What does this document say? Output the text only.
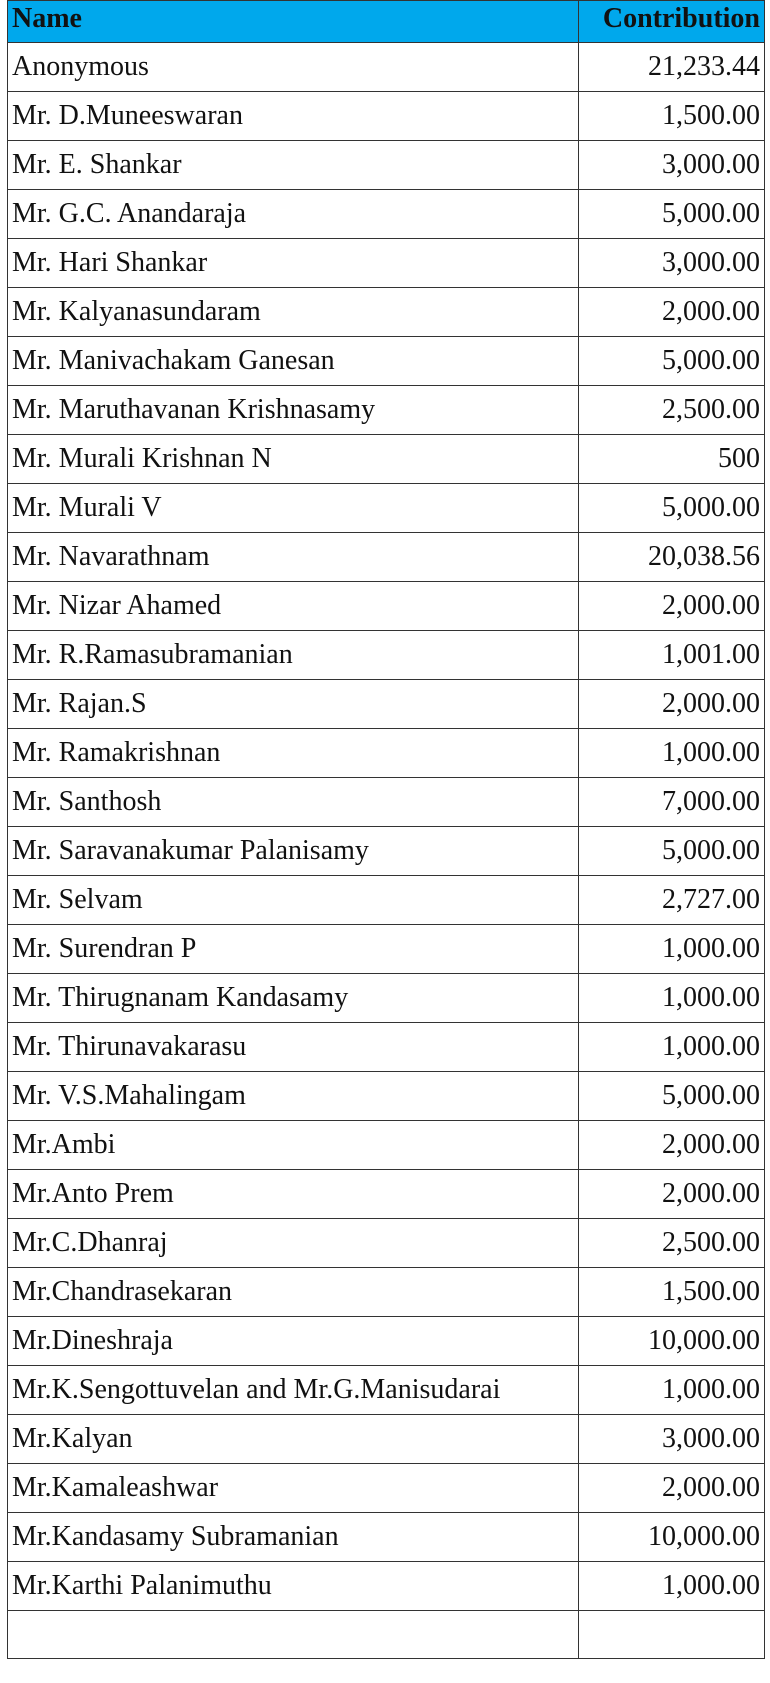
Name	Contribution
Anonymous	21,233.44
Mr. D.Muneeswaran	1,500.00
Mr. E. Shankar	3,000.00
Mr. G.C. Anandaraja	5,000.00
Mr. Hari Shankar	3,000.00
Mr. Kalyanasundaram	2,000.00
Mr. Manivachakam Ganesan	5,000.00
Mr. Maruthavanan Krishnasamy	2,500.00
Mr. Murali Krishnan N	500
Mr. Murali V	5,000.00
Mr. Navarathnam	20,038.56
Mr. Nizar Ahamed	2,000.00
Mr. R.Ramasubramanian	1,001.00
Mr. Rajan.S	2,000.00
Mr. Ramakrishnan	1,000.00
Mr. Santhosh	7,000.00
Mr. Saravanakumar Palanisamy	5,000.00
Mr. Selvam	2,727.00
Mr. Surendran P	1,000.00
Mr. Thirugnanam Kandasamy	1,000.00
Mr. Thirunavakarasu	1,000.00
Mr. V.S.Mahalingam	5,000.00
Mr.Ambi	2,000.00
Mr.Anto Prem	2,000.00
Mr.C.Dhanraj	2,500.00
Mr.Chandrasekaran	1,500.00
Mr.Dineshraja	10,000.00
Mr.K.Sengottuvelan and Mr.G.Manisudarai	1,000.00
Mr.Kalyan	3,000.00
Mr.Kamaleashwar	2,000.00
Mr.Kandasamy Subramanian	10,000.00
Mr.Karthi Palanimuthu	1,000.00
